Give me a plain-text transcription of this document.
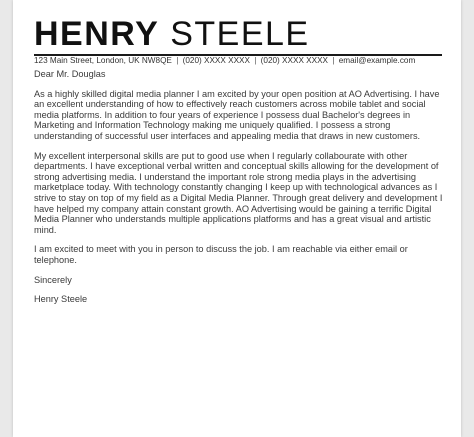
HENRY STEELE
123 Main Street, London, UK NW8QE | (020) XXXX XXXX | (020) XXXX XXXX | email@example.com

Dear Mr. Douglas

As a highly skilled digital media planner I am excited by your open position at AO Advertising. I have an excellent understanding of how to effectively reach customers across mobile tablet and social media platforms. In addition to four years of experience I possess dual Bachelor's degrees in Marketing and Information Technology making me uniquely qualified. I possess a strong understanding of successful user interfaces and appealing media that draws in new customers.

My excellent interpersonal skills are put to good use when I regularly collabourate with other departments. I have exceptional verbal written and conceptual skills allowing for the development of strong advertising media. I understand the important role strong media plays in the advertising marketplace today. With technology constantly changing I keep up with technological advances as I strive to stay on top of my field as a Digital Media Planner. Through great delivery and development I have helped my company attain constant growth. AO Advertising would be gaining a terrific Digital Media Planner who understands multiple applications platforms and has a great visual and artistic mind.

I am excited to meet with you in person to discuss the job. I am reachable via either email or telephone.

Sincerely

Henry Steele
